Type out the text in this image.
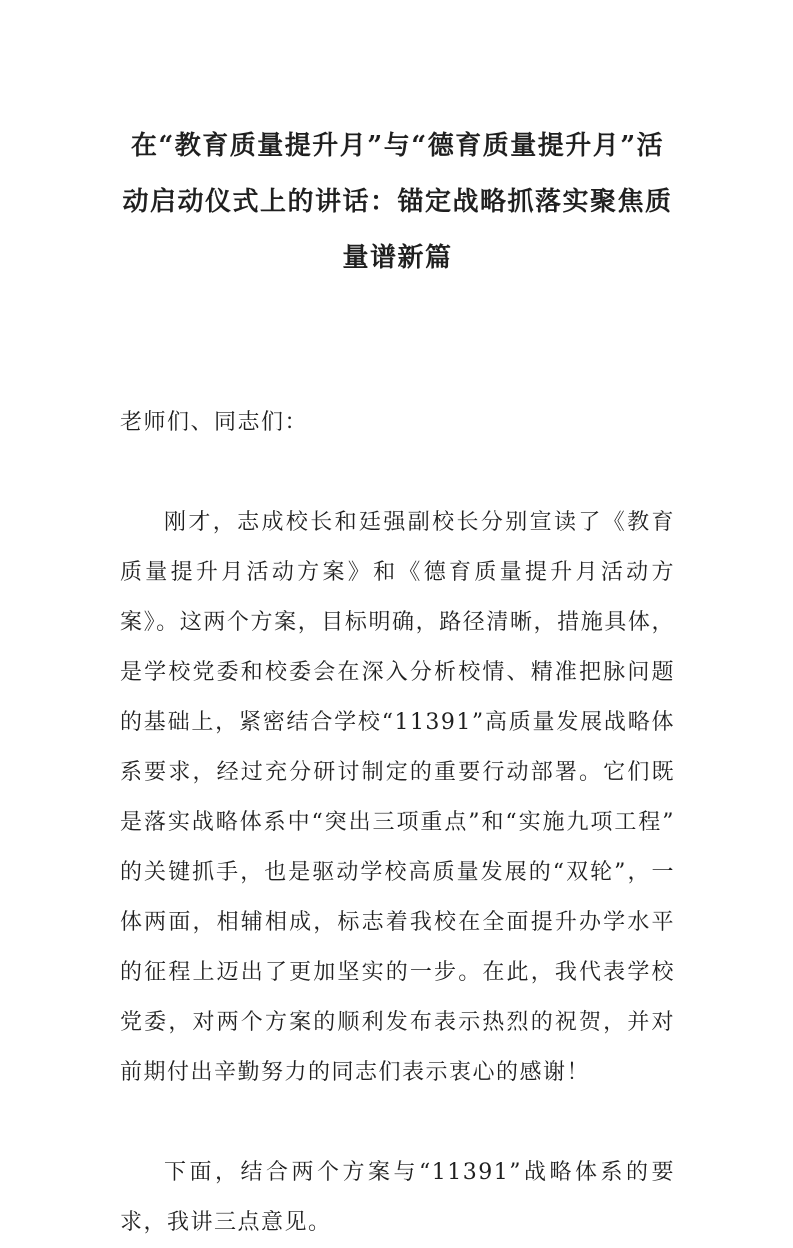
在“教育质量提升月”与“德育质量提升月”活动启动仪式上的讲话：锚定战略抓落实聚焦质量谱新篇

老师们、同志们：

刚才，志成校长和廷强副校长分别宣读了《教育质量提升月活动方案》和《德育质量提升月活动方案》。这两个方案，目标明确，路径清晰，措施具体，是学校党委和校委会在深入分析校情、精准把脉问题的基础上，紧密结合学校“11391”高质量发展战略体系要求，经过充分研讨制定的重要行动部署。它们既是落实战略体系中“突出三项重点”和“实施九项工程”的关键抓手，也是驱动学校高质量发展的“双轮”，一体两面，相辅相成，标志着我校在全面提升办学水平的征程上迈出了更加坚实的一步。在此，我代表学校党委，对两个方案的顺利发布表示热烈的祝贺，并对前期付出辛勤努力的同志们表示衷心的感谢！

下面，结合两个方案与“11391”战略体系的要求，我讲三点意见。
